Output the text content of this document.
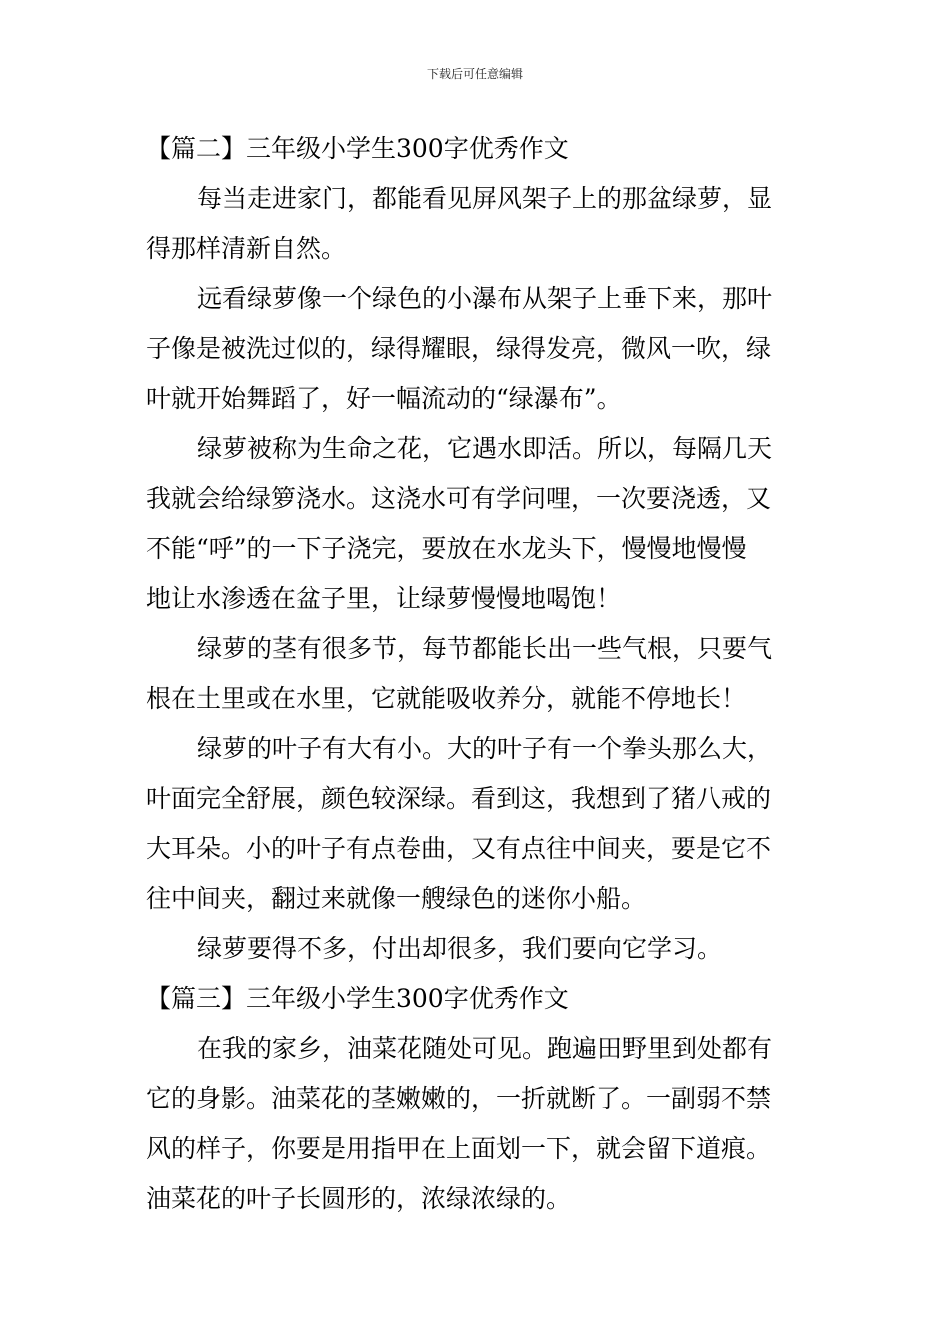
下载后可任意编辑
【篇二】三年级小学生300字优秀作文
每当走进家门，都能看见屏风架子上的那盆绿萝，显
得那样清新自然。
远看绿萝像一个绿色的小瀑布从架子上垂下来，那叶
子像是被洗过似的，绿得耀眼，绿得发亮，微风一吹，绿
叶就开始舞蹈了，好一幅流动的“绿瀑布”。
绿萝被称为生命之花，它遇水即活。所以，每隔几天
我就会给绿箩浇水。这浇水可有学问哩，一次要浇透，又
不能“呼”的一下子浇完，要放在水龙头下，慢慢地慢慢
地让水渗透在盆子里，让绿萝慢慢地喝饱！
绿萝的茎有很多节，每节都能长出一些气根，只要气
根在土里或在水里，它就能吸收养分，就能不停地长！
绿萝的叶子有大有小。大的叶子有一个拳头那么大，
叶面完全舒展，颜色较深绿。看到这，我想到了猪八戒的
大耳朵。小的叶子有点卷曲，又有点往中间夹，要是它不
往中间夹，翻过来就像一艘绿色的迷你小船。
绿萝要得不多，付出却很多，我们要向它学习。
【篇三】三年级小学生300字优秀作文
在我的家乡，油菜花随处可见。跑遍田野里到处都有
它的身影。油菜花的茎嫩嫩的，一折就断了。一副弱不禁
风的样子，你要是用指甲在上面划一下，就会留下道痕。
油菜花的叶子长圆形的，浓绿浓绿的。
